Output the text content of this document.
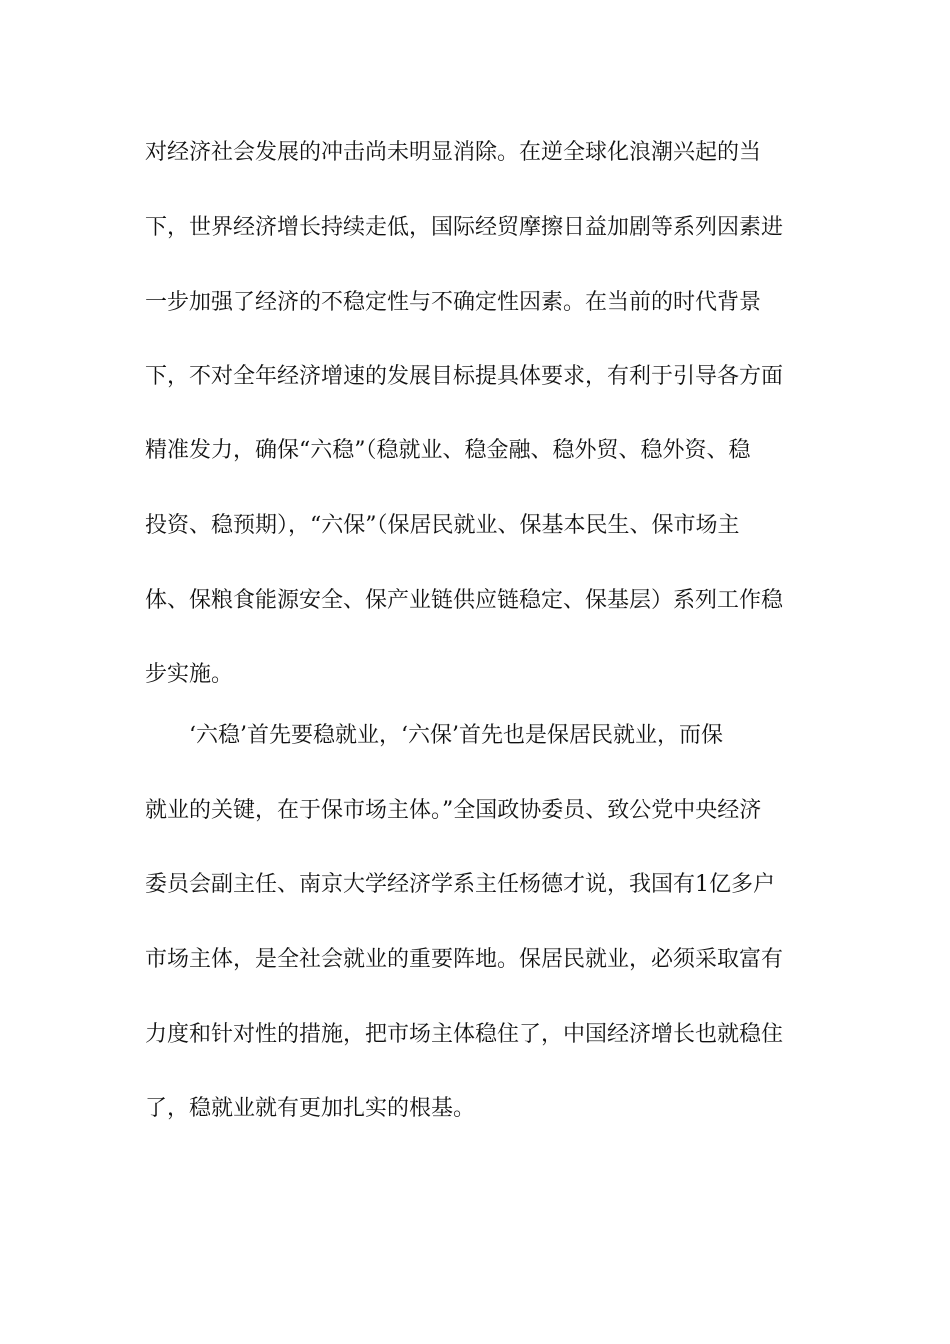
对经济社会发展的冲击尚未明显消除。在逆全球化浪潮兴起的当
下，世界经济增长持续走低，国际经贸摩擦日益加剧等系列因素进
一步加强了经济的不稳定性与不确定性因素。在当前的时代背景
下，不对全年经济增速的发展目标提具体要求，有利于引导各方面
精准发力，确保“六稳”（稳就业、稳金融、稳外贸、稳外资、稳
投资、稳预期），“六保”（保居民就业、保基本民生、保市场主
体、保粮食能源安全、保产业链供应链稳定、保基层）系列工作稳
步实施。
‘六稳’首先要稳就业，‘六保’首先也是保居民就业，而保
就业的关键，在于保市场主体。”全国政协委员、致公党中央经济
委员会副主任、南京大学经济学系主任杨德才说，我国有1亿多户
市场主体，是全社会就业的重要阵地。保居民就业，必须采取富有
力度和针对性的措施，把市场主体稳住了，中国经济增长也就稳住
了，稳就业就有更加扎实的根基。
